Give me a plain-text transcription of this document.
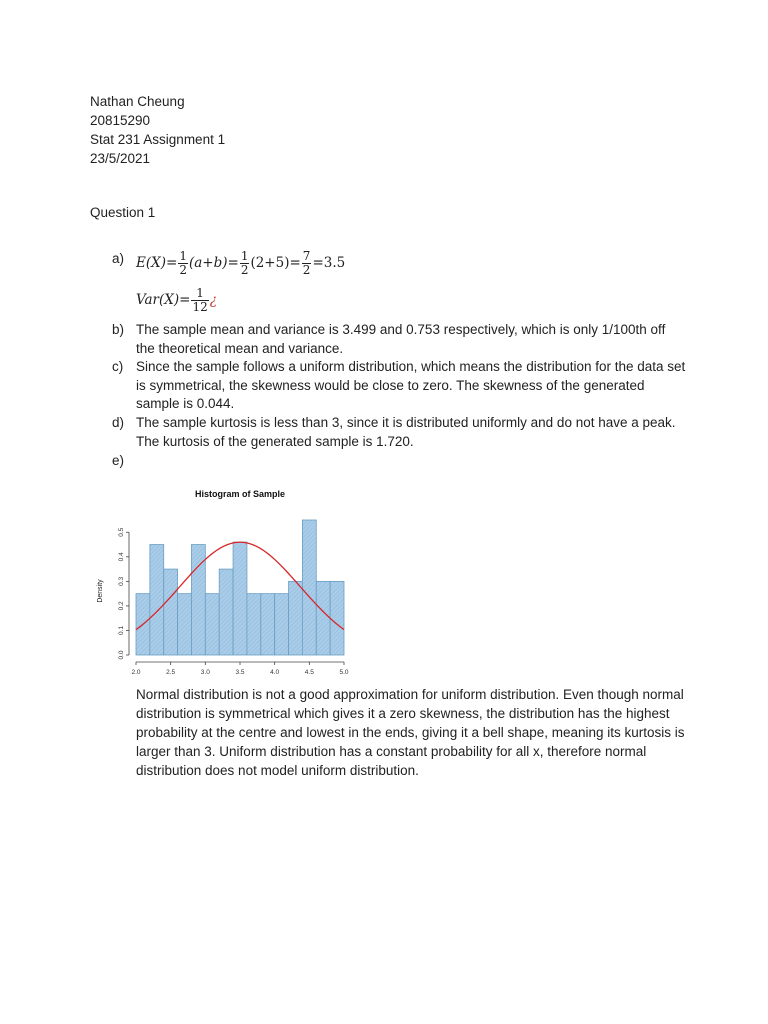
Nathan Cheung
20815290
Stat 231 Assignment 1
23/5/2021
Question 1
a) $E(X)= \frac{1}{2} (a+b)= \frac{1}{2} (2+5)= \frac{7}{2} =3.5$
$Var(X)= \frac{1}{12}$ ¿
b) The sample mean and variance is 3.499 and 0.753 respectively, which is only 1/100th off the theoretical mean and variance.
c) Since the sample follows a uniform distribution, which means the distribution for the data set is symmetrical, the skewness would be close to zero. The skewness of the generated sample is 0.044.
d) The sample kurtosis is less than 3, since it is distributed uniformly and do not have a peak. The kurtosis of the generated sample is 1.720.
e)
Histogram of Sample
Density
2.0	2.5	3.0	3.5	4.0	4.5	5.0
0.0
0.1
0.2
0.3
0.4
0.5
Normal distribution is not a good approximation for uniform distribution. Even though normal distribution is symmetrical which gives it a zero skewness, the distribution has the highest probability at the centre and lowest in the ends, giving it a bell shape, meaning its kurtosis is larger than 3. Uniform distribution has a constant probability for all x, therefore normal distribution does not model uniform distribution.
